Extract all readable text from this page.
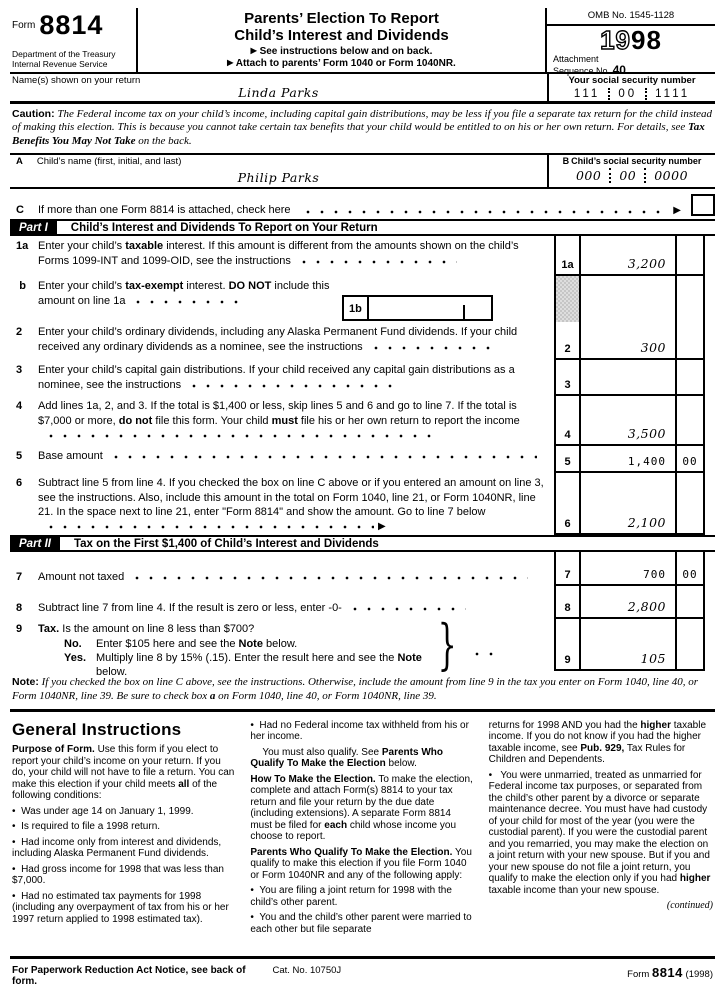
Form 8814
Department of the Treasury
Internal Revenue Service
Parents’ Election To Report
Child’s Interest and Dividends
▶ See instructions below and on back.
▶ Attach to parents’ Form 1040 or Form 1040NR.
OMB No. 1545-1128
1998
Attachment
Sequence No. 40
Name(s) shown on your return
Linda Parks
Your social security number
111 00 1111
Caution: The Federal income tax on your child’s income, including capital gain distributions, may be less if you file a separate tax return for the child instead of making this election. This is because you cannot take certain tax benefits that your child would be entitled to on his or her own return. For details, see Tax Benefits You May Not Take on the back.
A Child’s name (first, initial, and last)
Philip Parks
B Child’s social security number
000 00 0000
C	If more than one Form 8814 is attached, check here	▶
Part I	Child’s Interest and Dividends To Report on Your Return
1a Enter your child’s taxable interest. If this amount is different from the amounts shown on the child’s Forms 1099-INT and 1099-OID, see the instructions	1a	3,200
b	Enter your child’s tax-exempt interest. DO NOT include this amount on line 1a
1b
2	Enter your child’s ordinary dividends, including any Alaska Permanent Fund dividends. If your child received any ordinary dividends as a nominee, see the instructions	2	300
3	Enter your child’s capital gain distributions. If your child received any capital gain distributions as a nominee, see the instructions	3
4	Add lines 1a, 2, and 3. If the total is $1,400 or less, skip lines 5 and 6 and go to line 7. If the total is $7,000 or more, do not file this form. Your child must file his or her own return to report the income
4	3,500
5	Base amount	5	1,400 00
6	Subtract line 5 from line 4. If you checked the box on line C above or if you entered an amount on line 3, see the instructions. Also, include this amount in the total on Form 1040, line 21, or Form 1040NR, line 21. In the space next to line 21, enter "Form 8814" and show the amount. Go to line 7 below▶	6	2,100
Part II	Tax on the First $1,400 of Child’s Interest and Dividends
7	Amount not taxed	7	700 00
8	Subtract line 7 from line 4. If the result is zero or less, enter -0-	8	2,800
9	Tax. Is the amount on line 8 less than $700?
No.	Enter $105 here and see the Note below.
Yes. Multiply line 8 by 15% (.15). Enter the result here and see the Note below.	}	9	105
Note: If you checked the box on line C above, see the instructions. Otherwise, include the amount from line 9 in the tax you enter on Form 1040, line 40, or Form 1040NR, line 39. Be sure to check box a on Form 1040, line 40, or Form 1040NR, line 39.
General Instructions
Purpose of Form. Use this form if you elect to report your child’s income on your return. If you do, your child will not have to file a return. You can make this election if your child meets all of the following conditions:
•  Was under age 14 on January 1, 1999.
•  Is required to file a 1998 return.
•  Had income only from interest and dividends, including Alaska Permanent Fund dividends.
•  Had gross income for 1998 that was less than $7,000.
•  Had no estimated tax payments for 1998 (including any overpayment of tax from his or her 1997 return applied to 1998 estimated tax).
•  Had no Federal income tax withheld from his or her income.
You must also qualify. See Parents Who Qualify To Make the Election below.
How To Make the Election. To make the election, complete and attach Form(s) 8814 to your tax return and file your return by the due date (including extensions). A separate Form 8814 must be filed for each child whose income you choose to report.
Parents Who Qualify To Make the Election. You qualify to make this election if you file Form 1040 or Form 1040NR and any of the following apply:
•  You are filing a joint return for 1998 with the child’s other parent.
•  You and the child’s other parent were married to each other but file separate
returns for 1998 AND you had the higher taxable income. If you do not know if you had the higher taxable income, see Pub. 929, Tax Rules for Children and Dependents.
•  You were unmarried, treated as unmarried for Federal income tax purposes, or separated from the child’s other parent by a divorce or separate maintenance decree. You must have had custody of your child for most of the year (you were the custodial parent). If you were the custodial parent and you remarried, you may make the election on a joint return with your new spouse. But if you and your new spouse do not file a joint return, you qualify to make the election only if you had higher taxable income than your new spouse.
(continued)
For Paperwork Reduction Act Notice, see back of form.
Cat. No. 10750J	Form 8814 (1998)
